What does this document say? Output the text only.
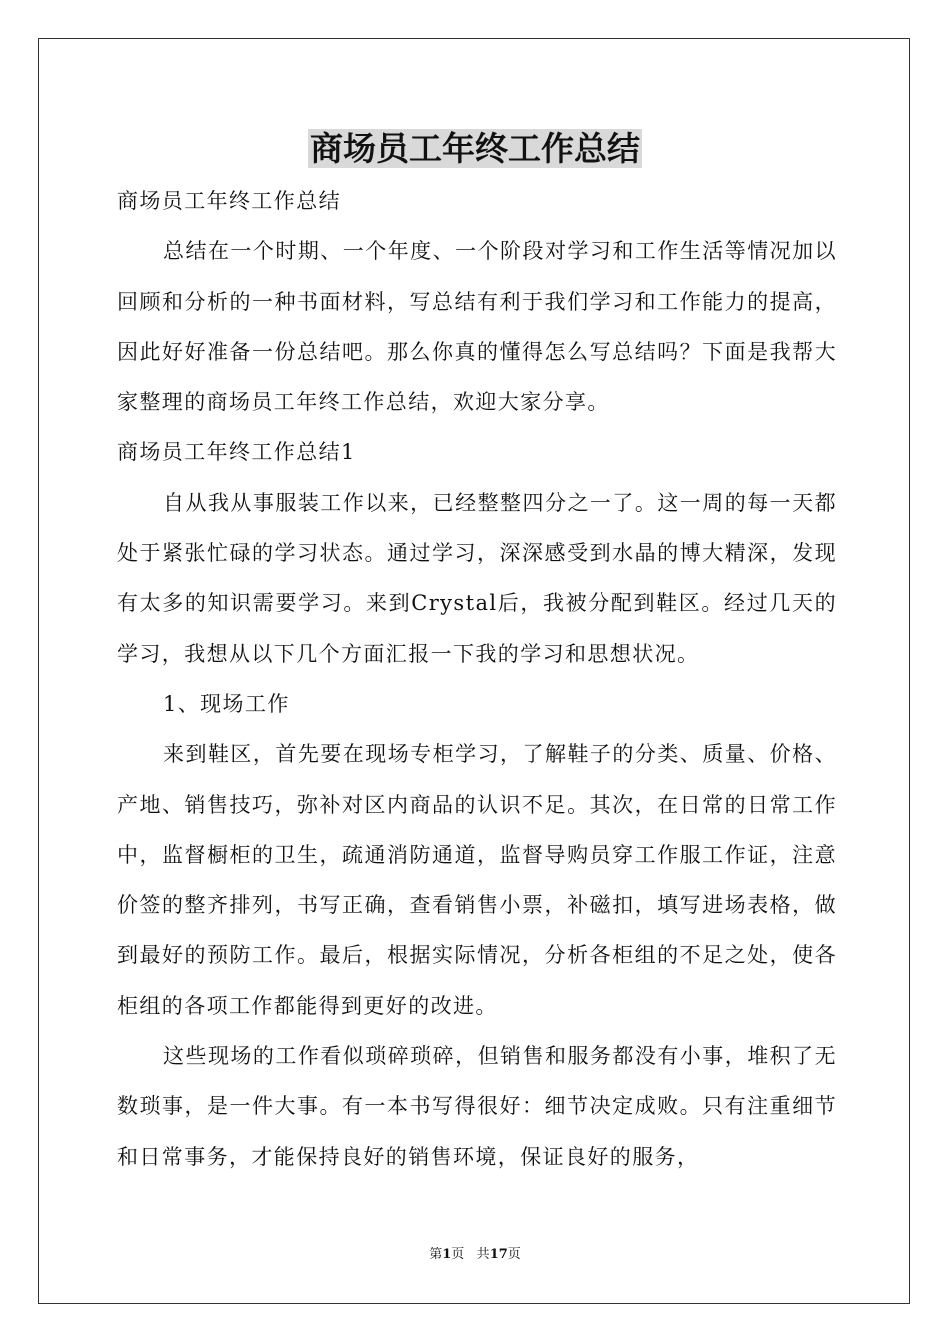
商场员工年终工作总结

商场员工年终工作总结

总结在一个时期、一个年度、一个阶段对学习和工作生活等情况加以回顾和分析的一种书面材料，写总结有利于我们学习和工作能力的提高，因此好好准备一份总结吧。那么你真的懂得怎么写总结吗？下面是我帮大家整理的商场员工年终工作总结，欢迎大家分享。

商场员工年终工作总结1

自从我从事服装工作以来，已经整整四分之一了。这一周的每一天都处于紧张忙碌的学习状态。通过学习，深深感受到水晶的博大精深，发现有太多的知识需要学习。来到Crystal后，我被分配到鞋区。经过几天的学习，我想从以下几个方面汇报一下我的学习和思想状况。

1、现场工作

来到鞋区，首先要在现场专柜学习，了解鞋子的分类、质量、价格、产地、销售技巧，弥补对区内商品的认识不足。其次，在日常的日常工作中，监督橱柜的卫生，疏通消防通道，监督导购员穿工作服工作证，注意价签的整齐排列，书写正确，查看销售小票，补磁扣，填写进场表格，做到最好的预防工作。最后，根据实际情况，分析各柜组的不足之处，使各柜组的各项工作都能得到更好的改进。

这些现场的工作看似琐碎琐碎，但销售和服务都没有小事，堆积了无数琐事，是一件大事。有一本书写得很好：细节决定成败。只有注重细节和日常事务，才能保持良好的销售环境，保证良好的服务，

第1页 共17页
